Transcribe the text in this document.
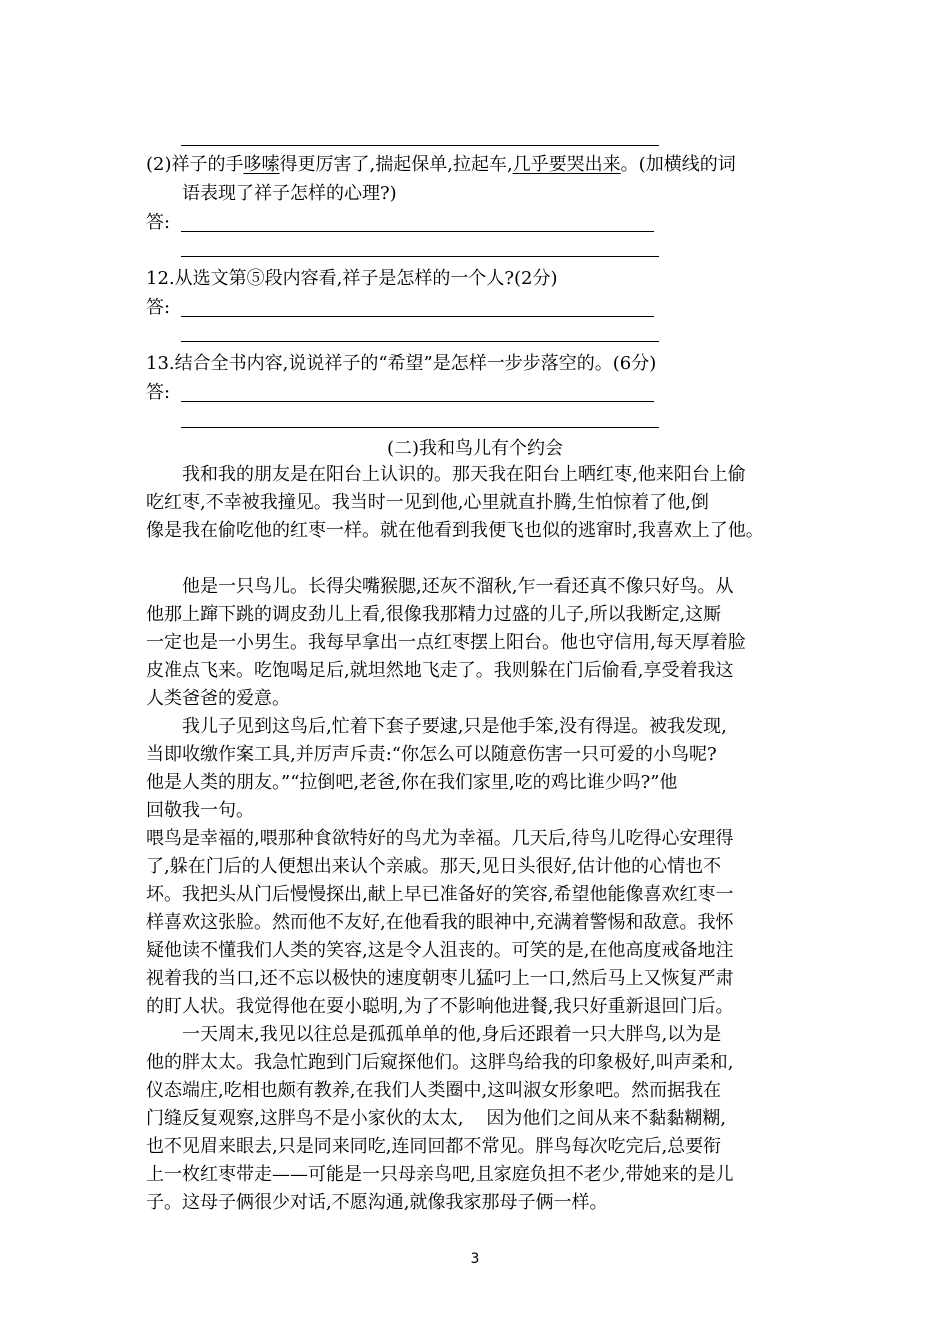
(2)祥子的手哆嗦得更厉害了,揣起保单,拉起车,几乎要哭出来。(加横线的词
语表现了祥子怎样的心理?)
答:
12.从选文第⑤段内容看,祥子是怎样的一个人?(2分)
答:
13.结合全书内容,说说祥子的“希望”是怎样一步步落空的。(6分)
答:
(二)我和鸟儿有个约会
我和我的朋友是在阳台上认识的。那天我在阳台上晒红枣,他来阳台上偷
吃红枣,不幸被我撞见。我当时一见到他,心里就直扑腾,生怕惊着了他,倒
像是我在偷吃他的红枣一样。就在他看到我便飞也似的逃窜时,我喜欢上了他。
他是一只鸟儿。长得尖嘴猴腮,还灰不溜秋,乍一看还真不像只好鸟。从
他那上蹿下跳的调皮劲儿上看,很像我那精力过盛的儿子,所以我断定,这厮
一定也是一小男生。我每早拿出一点红枣摆上阳台。他也守信用,每天厚着脸
皮准点飞来。吃饱喝足后,就坦然地飞走了。我则躲在门后偷看,享受着我这
人类爸爸的爱意。
我儿子见到这鸟后,忙着下套子要逮,只是他手笨,没有得逞。被我发现,
当即收缴作案工具,并厉声斥责:“你怎么可以随意伤害一只可爱的小鸟呢?
他是人类的朋友。”“拉倒吧,老爸,你在我们家里,吃的鸡比谁少吗?”他
回敬我一句。
喂鸟是幸福的,喂那种食欲特好的鸟尤为幸福。几天后,待鸟儿吃得心安理得
了,躲在门后的人便想出来认个亲戚。那天,见日头很好,估计他的心情也不
坏。我把头从门后慢慢探出,献上早已准备好的笑容,希望他能像喜欢红枣一
样喜欢这张脸。然而他不友好,在他看我的眼神中,充满着警惕和敌意。我怀
疑他读不懂我们人类的笑容,这是令人沮丧的。可笑的是,在他高度戒备地注
视着我的当口,还不忘以极快的速度朝枣儿猛叼上一口,然后马上又恢复严肃
的盯人状。我觉得他在耍小聪明,为了不影响他进餐,我只好重新退回门后。
一天周末,我见以往总是孤孤单单的他,身后还跟着一只大胖鸟,以为是
他的胖太太。我急忙跑到门后窥探他们。这胖鸟给我的印象极好,叫声柔和,
仪态端庄,吃相也颇有教养,在我们人类圈中,这叫淑女形象吧。然而据我在
门缝反复观察,这胖鸟不是小家伙的太太,    因为他们之间从来不黏黏糊糊,
也不见眉来眼去,只是同来同吃,连同回都不常见。胖鸟每次吃完后,总要衔
上一枚红枣带走——可能是一只母亲鸟吧,且家庭负担不老少,带她来的是儿
子。这母子俩很少对话,不愿沟通,就像我家那母子俩一样。
3
